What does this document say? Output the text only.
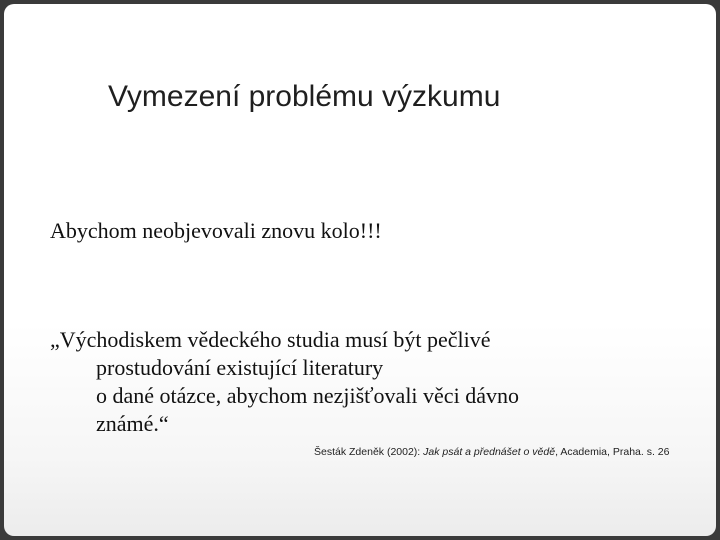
Vymezení problému výzkumu
Abychom neobjevovali znovu kolo!!!
„Východiskem vědeckého studia musí být pečlivé
prostudování existující literatury
o dané otázce, abychom nezjišťovali věci dávno
známé.“
Šesták Zdeněk (2002): Jak psát a přednášet o vědě, Academia, Praha. s. 26
